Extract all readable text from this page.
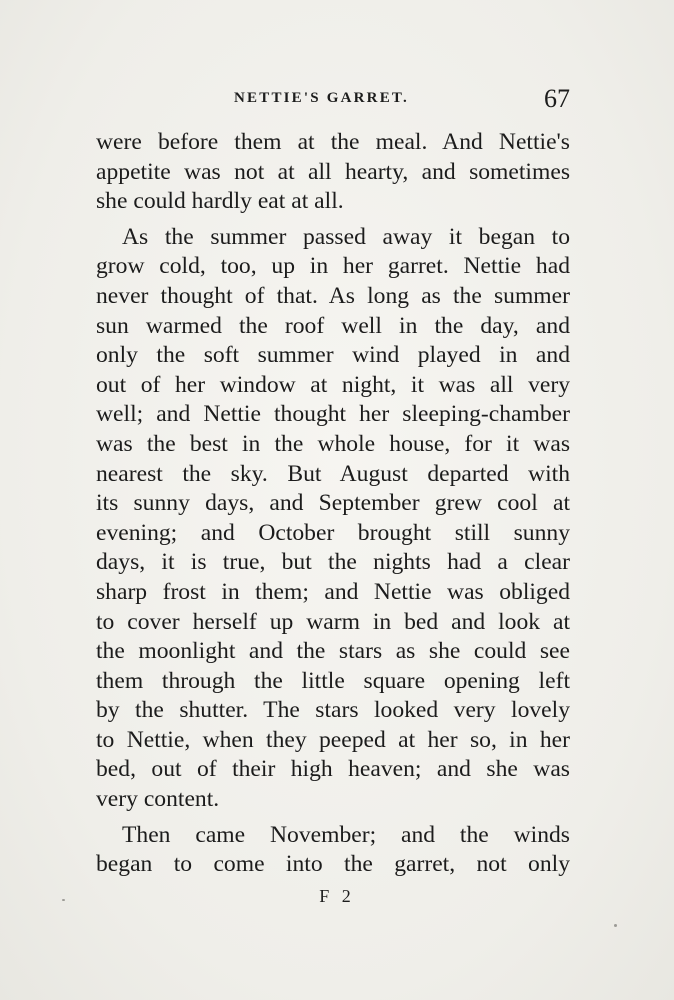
NETTIE'S GARRET.	67
were before them at the meal. And Nettie's
appetite was not at all hearty, and sometimes
she could hardly eat at all.
As the summer passed away it began to
grow cold, too, up in her garret. Nettie had
never thought of that. As long as the summer
sun warmed the roof well in the day, and
only the soft summer wind played in and
out of her window at night, it was all very
well; and Nettie thought her sleeping-chamber
was the best in the whole house, for it was
nearest the sky. But August departed with
its sunny days, and September grew cool at
evening; and October brought still sunny
days, it is true, but the nights had a clear
sharp frost in them; and Nettie was obliged
to cover herself up warm in bed and look at
the moonlight and the stars as she could see
them through the little square opening left
by the shutter. The stars looked very lovely
to Nettie, when they peeped at her so, in her
bed, out of their high heaven; and she was
very content.
Then came November; and the winds
began to come into the garret, not only
F 2
